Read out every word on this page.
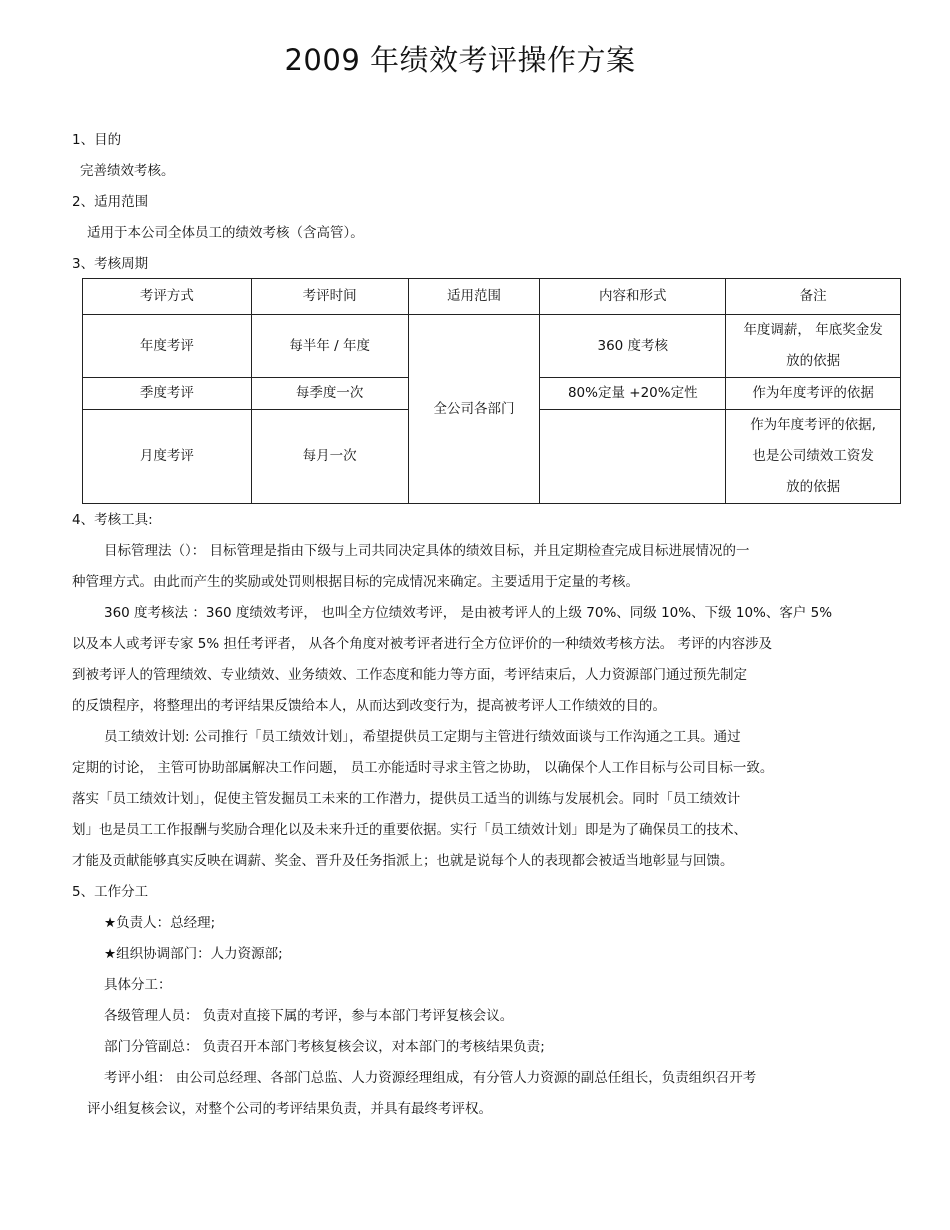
2009 年绩效考评操作方案
1、目的
完善绩效考核。
2、适用范围
适用于本公司全体员工的绩效考核（含高管）。
3、考核周期
考评方式	考评时间	适用范围	内容和形式	备注
年度考评	每半年 / 年度	全公司各部门	360 度考核	年度调薪， 年底奖金发
放的依据

季度考评	每季度一次		80%定量 +20%定性	作为年度考评的依据

月度考评	每月一次			作为年度考评的依据,
也是公司绩效工资发
放的依据
4、考核工具:
目标管理法（）： 目标管理是指由下级与上司共同决定具体的绩效目标，并且定期检查完成目标进展情况的一
种管理方式。由此而产生的奖励或处罚则根据目标的完成情况来确定。主要适用于定量的考核。
360 度考核法 ：360 度绩效考评， 也叫全方位绩效考评， 是由被考评人的上级 70%、同级 10%、下级 10%、客户 5%
以及本人或考评专家 5% 担任考评者， 从各个角度对被考评者进行全方位评价的一种绩效考核方法。 考评的内容涉及
到被考评人的管理绩效、专业绩效、业务绩效、工作态度和能力等方面，考评结束后，人力资源部门通过预先制定
的反馈程序，将整理出的考评结果反馈给本人，从而达到改变行为，提高被考评人工作绩效的目的。
员工绩效计划: 公司推行「员工绩效计划」，希望提供员工定期与主管进行绩效面谈与工作沟通之工具。通过
定期的讨论， 主管可协助部属解决工作问题， 员工亦能适时寻求主管之协助， 以确保个人工作目标与公司目标一致。
落实「员工绩效计划」，促使主管发掘员工未来的工作潜力，提供员工适当的训练与发展机会。同时「员工绩效计
划」也是员工工作报酬与奖励合理化以及未来升迁的重要依据。实行「员工绩效计划」即是为了确保员工的技术、
才能及贡献能够真实反映在调薪、奖金、晋升及任务指派上；也就是说每个人的表现都会被适当地彰显与回馈。
5、工作分工
★负责人：总经理;
★组织协调部门：人力资源部;
具体分工：
各级管理人员： 负责对直接下属的考评，参与本部门考评复核会议。
部门分管副总： 负责召开本部门考核复核会议，对本部门的考核结果负责;
考评小组： 由公司总经理、各部门总监、人力资源经理组成，有分管人力资源的副总任组长，负责组织召开考
评小组复核会议，对整个公司的考评结果负责，并具有最终考评权。
